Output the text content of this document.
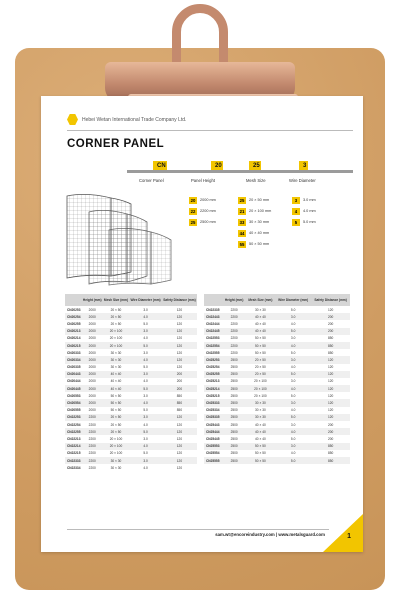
Hebei Wetan International Trade Company Ltd.
CORNER PANEL
CN	20	25	3
Corner Panel	Panel Height	Mesh Size	Wire Diameter
20	2000 mm
22	2200 mm
25	2500 mm
25	20 × 50 mm
21	20 × 100 mm
33	30 × 30 mm
44	40 × 40 mm
55	50 × 50 mm
3	3.0 mm
4	4.0 mm
5	5.0 mm
	Height (mm)	Mesh Size (mm)	Wire Diameter (mm)	Safety Distance (mm)
CN20253	2000	20 × 50	3.0	120
CN20254	2000	20 × 50	4.0	120
CN20255	2000	20 × 50	5.0	120
CN20213	2000	20 × 100	3.0	120
CN20214	2000	20 × 100	4.0	120
CN20215	2000	20 × 100	5.0	120
CN20333	2000	30 × 30	3.0	120
CN20334	2000	30 × 30	4.0	120
CN20335	2000	30 × 30	5.0	120
CN20443	2000	40 × 40	3.0	200
CN20444	2000	40 × 40	4.0	200
CN20445	2000	40 × 40	5.0	200
CN20553	2000	50 × 50	3.0	850
CN20554	2000	50 × 50	4.0	850
CN20555	2000	50 × 50	5.0	850
CN22253	2200	20 × 50	3.0	120
CN22254	2200	20 × 50	4.0	120
CN22255	2200	20 × 50	5.0	120
CN22213	2200	20 × 100	3.0	120
CN22214	2200	20 × 100	4.0	120
CN22215	2200	20 × 100	5.0	120
CN22333	2200	30 × 30	3.0	120
CN22334	2200	30 × 30	4.0	120
	Height (mm)	Mesh Size (mm)	Wire Diameter (mm)	Safety Distance (mm)
CN22335	2200	30 × 30	5.0	120
CN22443	2200	40 × 40	3.0	200
CN22444	2200	40 × 40	4.0	200
CN22445	2200	40 × 40	5.0	200
CN22553	2200	50 × 50	3.0	850
CN22554	2200	50 × 50	4.0	850
CN22555	2200	50 × 50	5.0	850
CN25253	2500	20 × 50	3.0	120
CN25254	2500	20 × 50	4.0	120
CN25255	2500	20 × 50	5.0	120
CN25213	2500	20 × 100	3.0	120
CN25214	2500	20 × 100	4.0	120
CN25215	2500	20 × 100	5.0	120
CN25333	2500	30 × 30	3.0	120
CN25334	2500	30 × 30	4.0	120
CN25335	2500	30 × 30	5.0	120
CN25443	2500	40 × 40	3.0	200
CN25444	2500	40 × 40	4.0	200
CN25445	2500	40 × 40	5.0	200
CN25553	2500	50 × 50	3.0	850
CN25554	2500	50 × 50	4.0	850
CN25555	2500	50 × 50	5.0	850
sam.wt@encoreindustry.com | www.metalsguard.com	1
